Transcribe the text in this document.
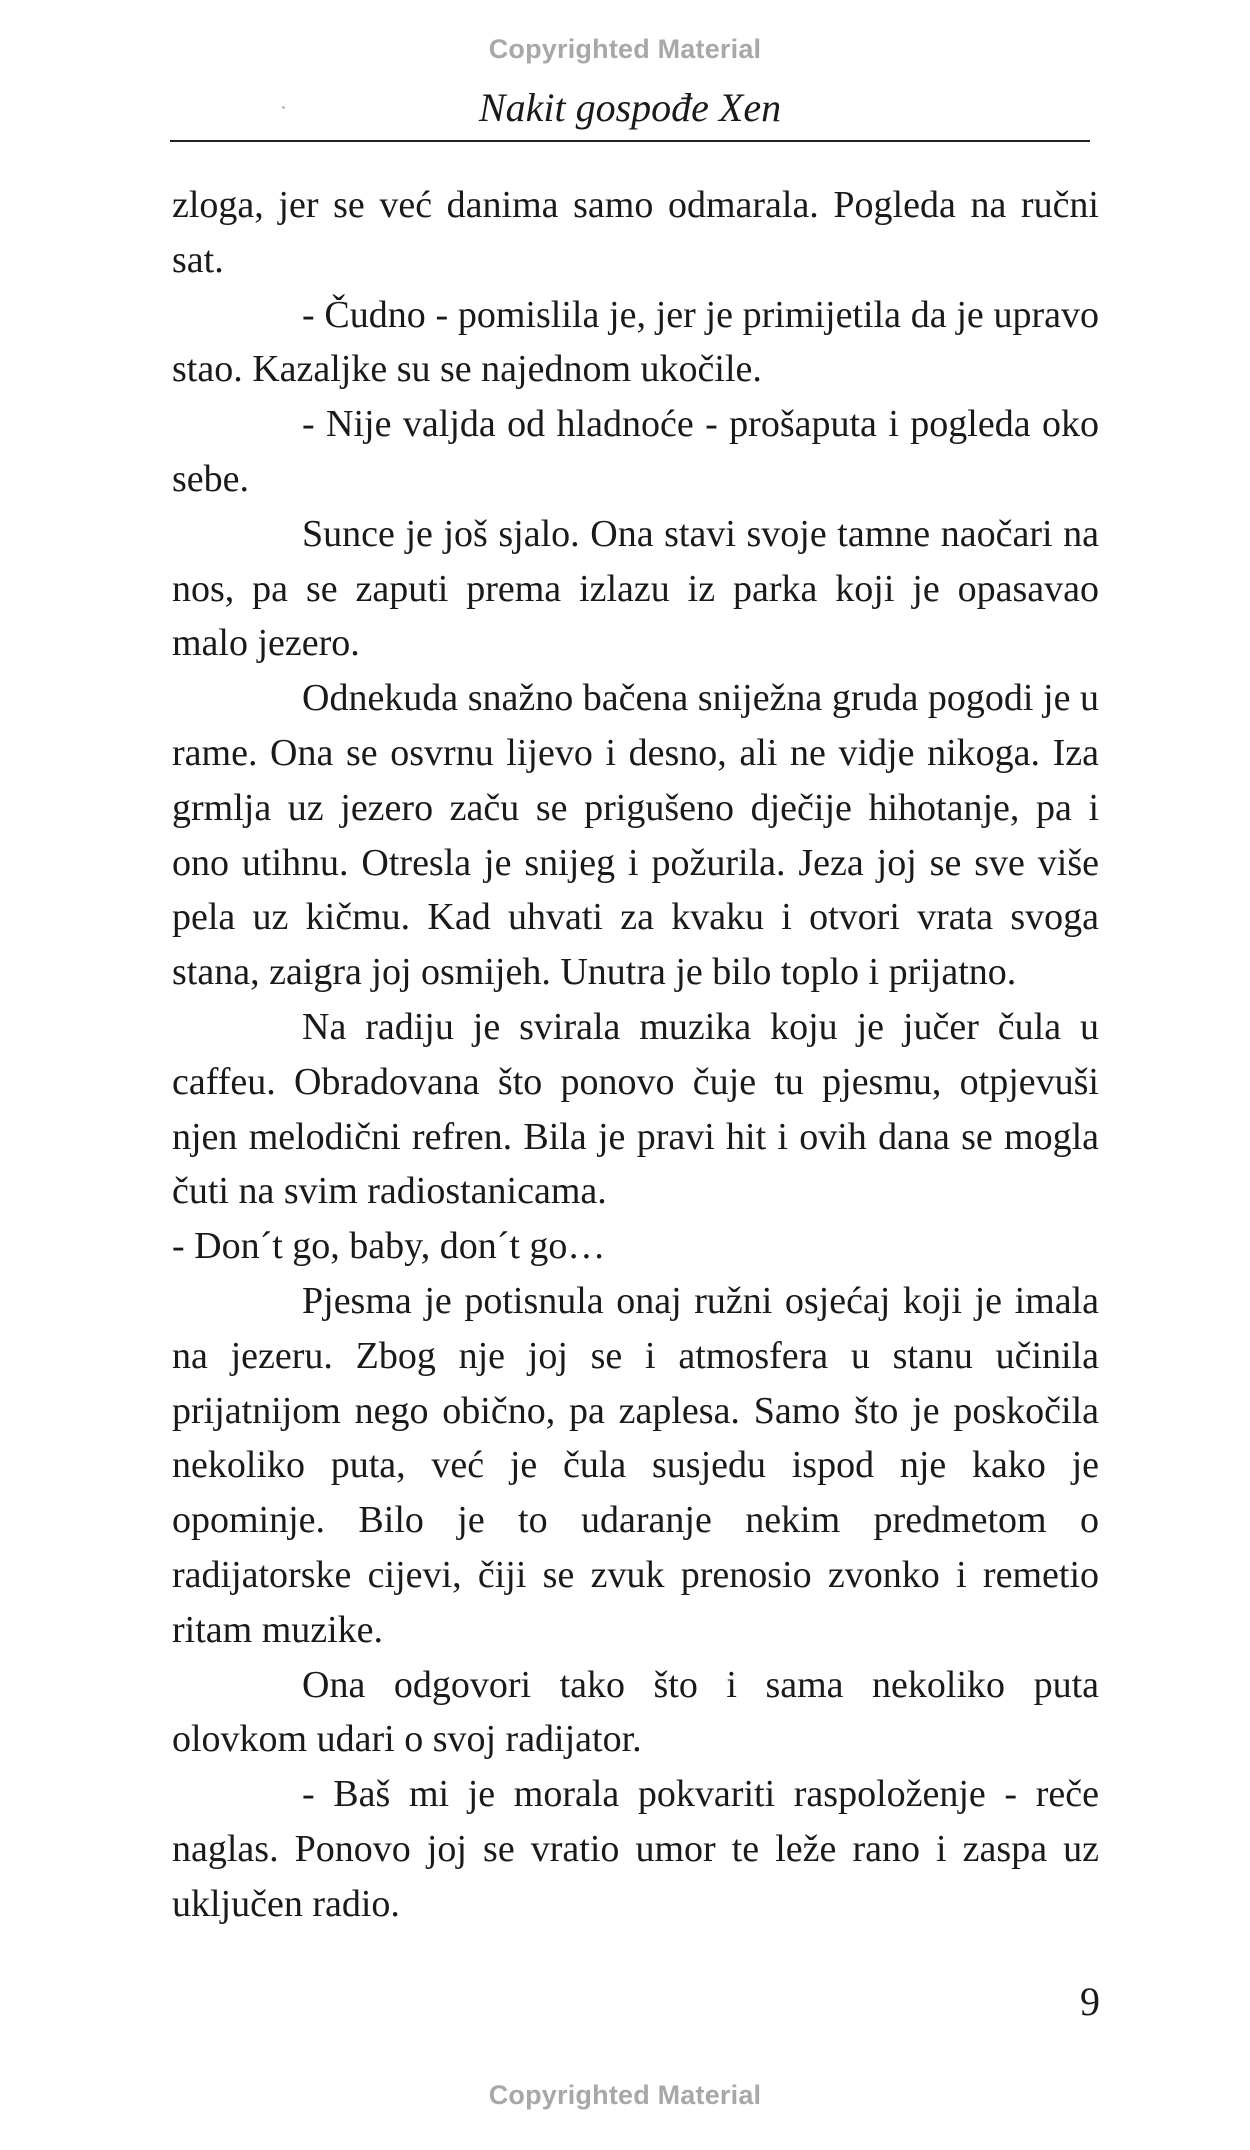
Copyrighted Material
Nakit gospođe Xen

zloga, jer se već danima samo odmarala. Pogleda na ručni sat.

- Čudno - pomislila je, jer je primijetila da je upravo stao. Kazaljke su se najednom ukočile.

- Nije valjda od hladnoće - prošaputa i pogleda oko sebe.

Sunce je još sjalo. Ona stavi svoje tamne naočari na nos, pa se zaputi prema izlazu iz parka koji je opasavao malo jezero.

Odnekuda snažno bačena sniježna gruda pogodi je u rame. Ona se osvrnu lijevo i desno, ali ne vidje nikoga. Iza grmlja uz jezero začu se prigušeno dječije hihotanje, pa i ono utihnu. Otresla je snijeg i požurila. Jeza joj se sve više pela uz kičmu. Kad uhvati za kvaku i otvori vrata svoga stana, zaigra joj osmijeh. Unutra je bilo toplo i prijatno.

Na radiju je svirala muzika koju je jučer čula u caffeu. Obradovana što ponovo čuje tu pjesmu, otpjevuši njen melodični refren. Bila je pravi hit i ovih dana se mogla čuti na svim radiostanicama.

- Don´t go, baby, don´t go…

Pjesma je potisnula onaj ružni osjećaj koji je imala na jezeru. Zbog nje joj se i atmosfera u stanu učinila prijatnijom nego obično, pa zaplesa. Samo što je poskočila nekoliko puta, već je čula susjedu ispod nje kako je opominje. Bilo je to udaranje nekim predmetom o radijatorske cijevi, čiji se zvuk prenosio zvonko i remetio ritam muzike.

Ona odgovori tako što i sama nekoliko puta olovkom udari o svoj radijator.

- Baš mi je morala pokvariti raspoloženje - reče naglas. Ponovo joj se vratio umor te leže rano i zaspa uz uključen radio.

9
Copyrighted Material
